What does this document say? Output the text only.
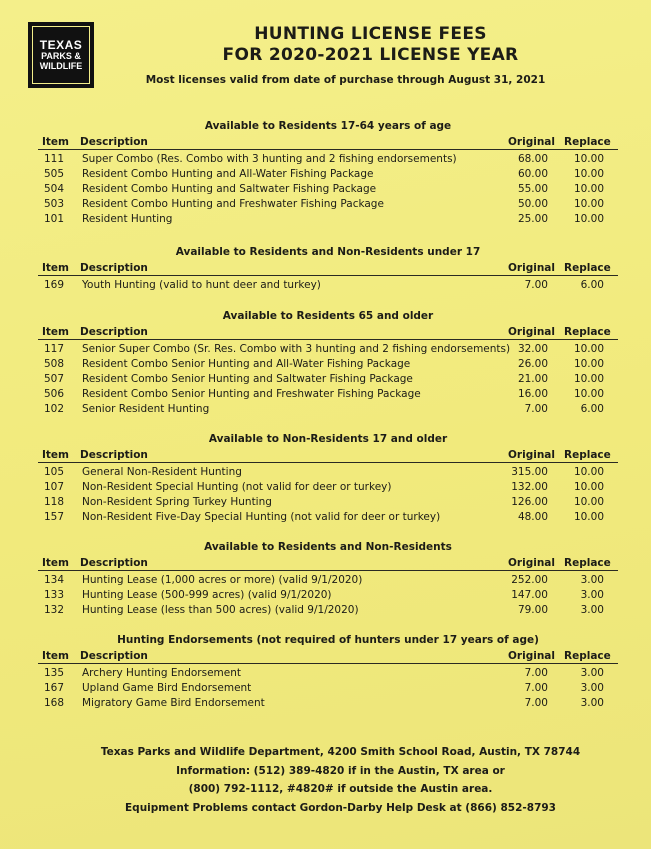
TEXAS
PARKS &
WILDLIFE
HUNTING LICENSE FEES
FOR 2020-2021 LICENSE YEAR
Most licenses valid from date of purchase through August 31, 2021
Available to Residents 17-64 years of age
Item Description	Original Replace
111 Super Combo (Res. Combo with 3 hunting and 2 fishing endorsements)	68.00 10.00
505 Resident Combo Hunting and All-Water Fishing Package	60.00 10.00
504 Resident Combo Hunting and Saltwater Fishing Package	55.00 10.00
503 Resident Combo Hunting and Freshwater Fishing Package	50.00 10.00
101 Resident Hunting	25.00 10.00
Available to Residents and Non-Residents under 17
Item Description	Original Replace
169 Youth Hunting (valid to hunt deer and turkey)	7.00	6.00
Available to Residents 65 and older
Item Description	Original Replace
117 Senior Super Combo (Sr. Res. Combo with 3 hunting and 2 fishing endorsements) 32.00 10.00
508 Resident Combo Senior Hunting and All-Water Fishing Package	26.00 10.00
507 Resident Combo Senior Hunting and Saltwater Fishing Package	21.00 10.00
506 Resident Combo Senior Hunting and Freshwater Fishing Package	16.00 10.00
102 Senior Resident Hunting	7.00	6.00
Available to Non-Residents 17 and older
Item Description	Original Replace
105 General Non-Resident Hunting	315.00 10.00
107 Non-Resident Special Hunting (not valid for deer or turkey)	132.00 10.00
118 Non-Resident Spring Turkey Hunting	126.00 10.00
157 Non-Resident Five-Day Special Hunting (not valid for deer or turkey)	48.00 10.00
Available to Residents and Non-Residents
Item Description	Original Replace
134 Hunting Lease (1,000 acres or more) (valid 9/1/2020)	252.00	3.00
133 Hunting Lease (500-999 acres) (valid 9/1/2020)	147.00	3.00
132 Hunting Lease (less than 500 acres) (valid 9/1/2020)	79.00	3.00
Hunting Endorsements (not required of hunters under 17 years of age)
Item Description	Original Replace
135 Archery Hunting Endorsement	7.00	3.00
167 Upland Game Bird Endorsement	7.00	3.00
168 Migratory Game Bird Endorsement	7.00	3.00
Texas Parks and Wildlife Department, 4200 Smith School Road, Austin, TX 78744
Information: (512) 389-4820 if in the Austin, TX area or
(800) 792-1112, #4820# if outside the Austin area.
Equipment Problems contact Gordon-Darby Help Desk at (866) 852-8793
